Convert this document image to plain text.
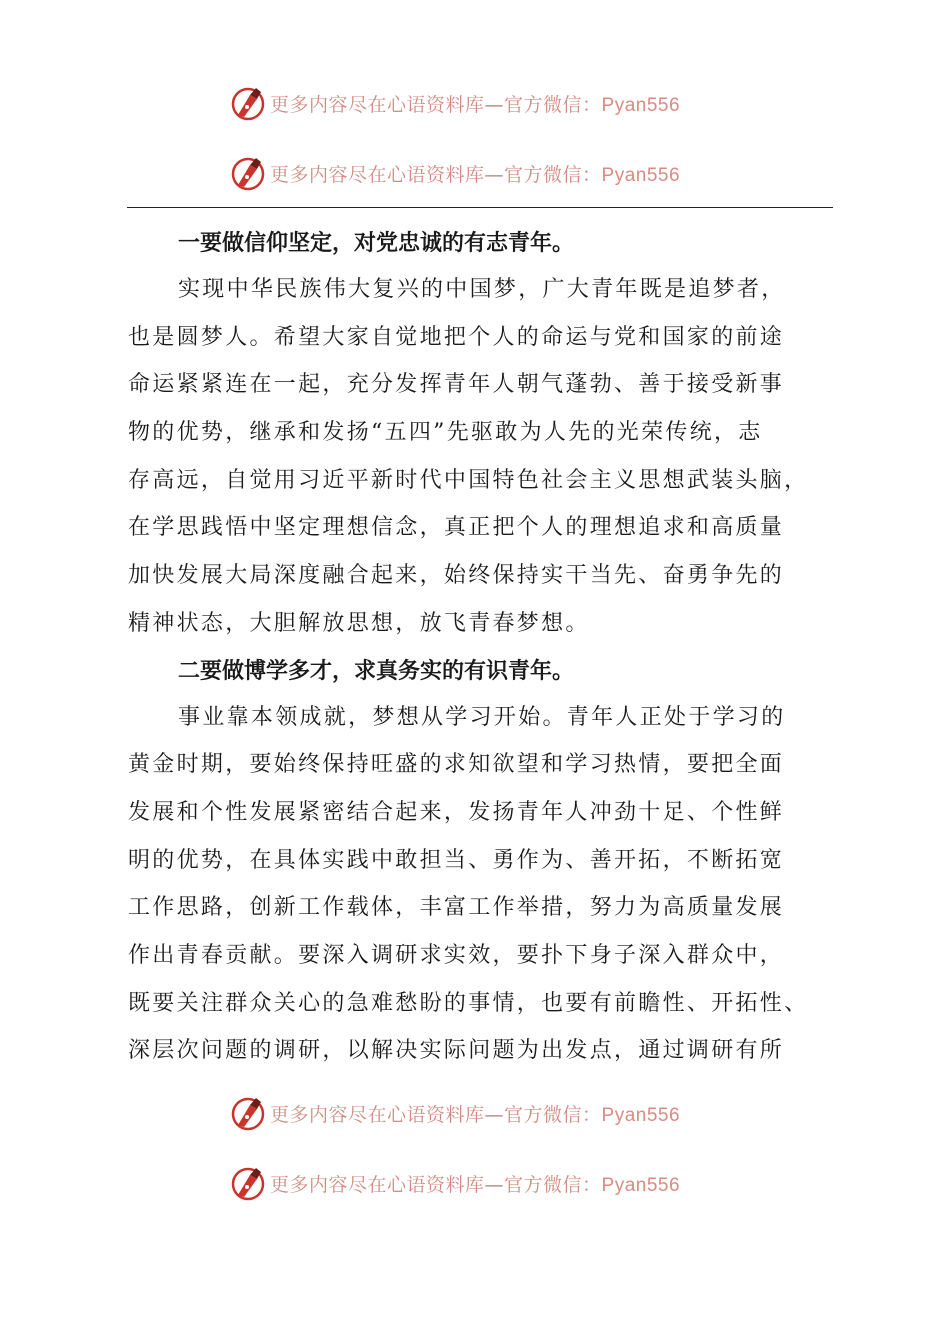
更多内容尽在心语资料库—官方微信：Pyan556
更多内容尽在心语资料库—官方微信：Pyan556
一要做信仰坚定，对党忠诚的有志青年。
实现中华民族伟大复兴的中国梦，广大青年既是追梦者，
也是圆梦人。希望大家自觉地把个人的命运与党和国家的前途
命运紧紧连在一起，充分发挥青年人朝气蓬勃、善于接受新事
物的优势，继承和发扬“五四”先驱敢为人先的光荣传统，志
存高远，自觉用习近平新时代中国特色社会主义思想武装头脑，
在学思践悟中坚定理想信念，真正把个人的理想追求和高质量
加快发展大局深度融合起来，始终保持实干当先、奋勇争先的
精神状态，大胆解放思想，放飞青春梦想。
二要做博学多才，求真务实的有识青年。
事业靠本领成就，梦想从学习开始。青年人正处于学习的
黄金时期，要始终保持旺盛的求知欲望和学习热情，要把全面
发展和个性发展紧密结合起来，发扬青年人冲劲十足、个性鲜
明的优势，在具体实践中敢担当、勇作为、善开拓，不断拓宽
工作思路，创新工作载体，丰富工作举措，努力为高质量发展
作出青春贡献。要深入调研求实效，要扑下身子深入群众中，
既要关注群众关心的急难愁盼的事情，也要有前瞻性、开拓性、
深层次问题的调研，以解决实际问题为出发点，通过调研有所
更多内容尽在心语资料库—官方微信：Pyan556
更多内容尽在心语资料库—官方微信：Pyan556
